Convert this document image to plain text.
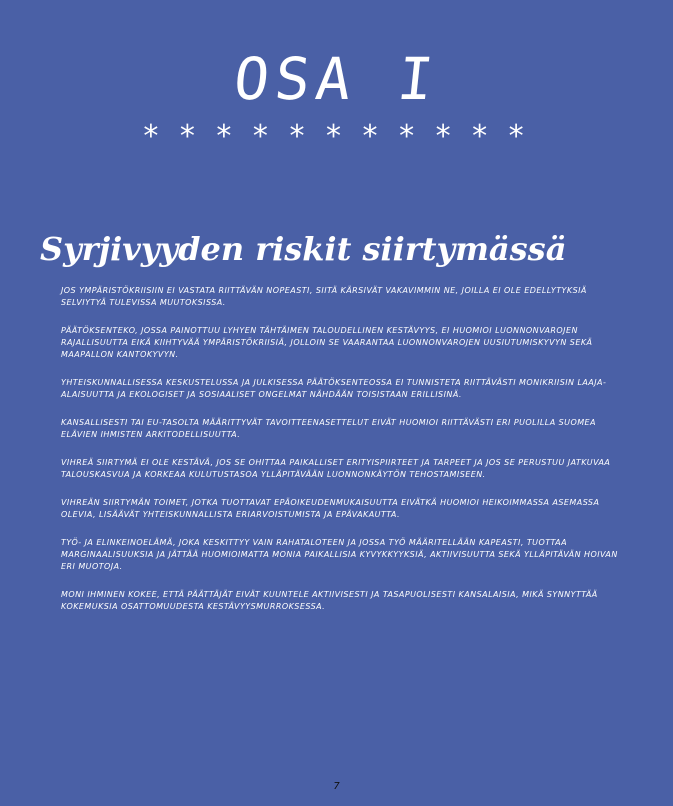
OSA I
* * * * * * * * * * *
Syrjivyyden riskit siirtymässä

JOS YMPÄRISTÖKRIISIIN EI VASTATA RIITTÄVÄN NOPEASTI, SIITÄ KÄRSIVÄT VAKAVIMMIN NE, JOILLA EI OLE EDELLYTYKSIÄ SELVIYTYÄ TULEVISSA MUUTOKSISSA.

PÄÄTÖKSENTEKO, JOSSA PAINOTTUU LYHYEN TÄHTÄIMEN TALOUDELLINEN KESTÄVYYS, EI HUOMIOI LUONNONVAROJEN RAJALLISUUTTA EIKÄ KIIHTYVÄÄ YMPÄRISTÖKRIISIÄ, JOLLOIN SE VAARANTAA LUONNONVAROJEN UUSIUTUMISKYVYN SEKÄ MAAPALLON KANTOKYVYN.

YHTEISKUNNALLISESSA KESKUSTELUSSA JA JULKISESSA PÄÄTÖKSENTEOSSA EI TUNNISTETA RIITTÄVÄSTI MONIKRIISIN LAAJA-ALAISUUTTA JA EKOLOGISET JA SOSIAALISET ONGELMAT NÄHDÄÄN TOISISTAAN ERILLISINÄ.

KANSALLISESTI TAI EU-TASOLTA MÄÄRITTYVÄT TAVOITTEENASETTELUT EIVÄT HUOMIOI RIITTÄVÄSTI ERI PUOLILLA SUOMEA ELÄVIEN IHMISTEN ARKITODELLISUUTTA.

VIHREÄ SIIRTYMÄ EI OLE KESTÄVÄ, JOS SE OHITTAA PAIKALLISET ERITYISPIIRTEET JA TARPEET JA JOS SE PERUSTUU JATKUVAA TALOUSKASVUA JA KORKEAA KULUTUSTASOA YLLÄPITÄVÄÄN LUONNONKÄYTÖN TEHOSTAMISEEN.

VIHREÄN SIIRTYMÄN TOIMET, JOTKA TUOTTAVAT EPÄOIKEUDENMUKAISUUTTA EIVÄTKÄ HUOMIOI HEIKOIMMASSA ASEMASSA OLEVIA, LISÄÄVÄT YHTEISKUNNALLISTA ERIARVOISTUMISTA JA EPÄVAKAUTTA.

TYÖ- JA ELINKEINOELÄMÄ, JOKA KESKITTYY VAIN RAHATALOTEEN JA JOSSA TYÖ MÄÄRITELLÄÄN KAPEASTI, TUOTTAA MARGINAALISUUKSIA JA JÄTTÄÄ HUOMIOIMATTA MONIA PAIKALLISIA KYVYKKYYKSIÄ, AKTIIVISUUTTA SEKÄ YLLÄPITÄVÄN HOIVAN ERI MUOTOJA.

MONI IHMINEN KOKEE, ETTÄ PÄÄTTÄJÄT EIVÄT KUUNTELE AKTIIVISESTI JA TASAPUOLISESTI KANSALAISIA, MIKÄ SYNNYTTÄÄ KOKEMUKSIA OSATTOMUUDESTA KESTÄVYYSMURROKSESSA.

7
